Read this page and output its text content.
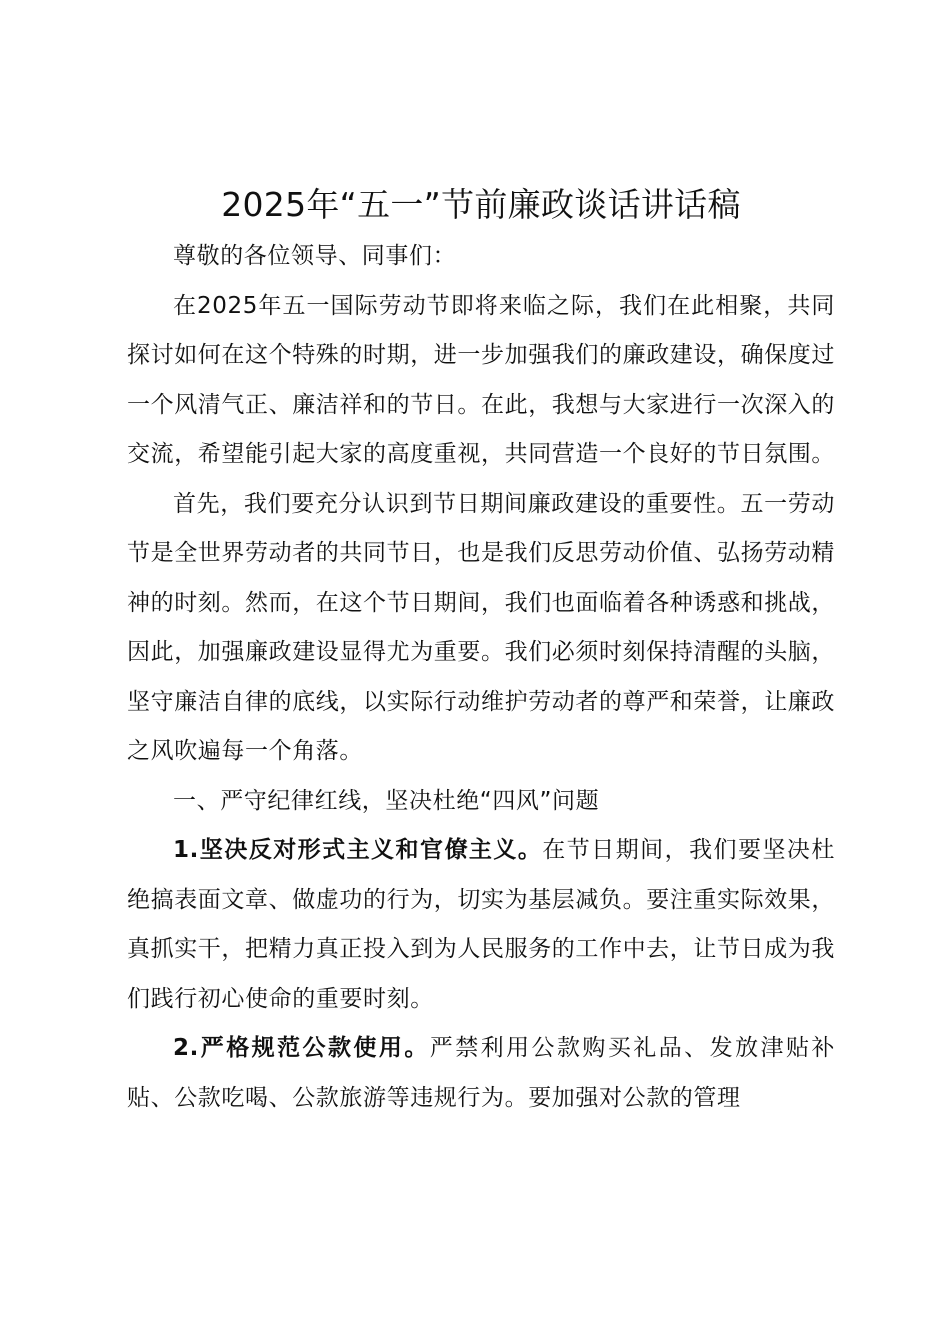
2025年“五一”节前廉政谈话讲话稿

尊敬的各位领导、同事们：

在2025年五一国际劳动节即将来临之际，我们在此相聚，共同探讨如何在这个特殊的时期，进一步加强我们的廉政建设，确保度过一个风清气正、廉洁祥和的节日。在此，我想与大家进行一次深入的交流，希望能引起大家的高度重视，共同营造一个良好的节日氛围。

首先，我们要充分认识到节日期间廉政建设的重要性。五一劳动节是全世界劳动者的共同节日，也是我们反思劳动价值、弘扬劳动精神的时刻。然而，在这个节日期间，我们也面临着各种诱惑和挑战，因此，加强廉政建设显得尤为重要。我们必须时刻保持清醒的头脑，坚守廉洁自律的底线，以实际行动维护劳动者的尊严和荣誉，让廉政之风吹遍每一个角落。

一、严守纪律红线，坚决杜绝“四风”问题

1.坚决反对形式主义和官僚主义。在节日期间，我们要坚决杜绝搞表面文章、做虚功的行为，切实为基层减负。要注重实际效果，真抓实干，把精力真正投入到为人民服务的工作中去，让节日成为我们践行初心使命的重要时刻。

2.严格规范公款使用。严禁利用公款购买礼品、发放津贴补贴、公款吃喝、公款旅游等违规行为。要加强对公款的管理
